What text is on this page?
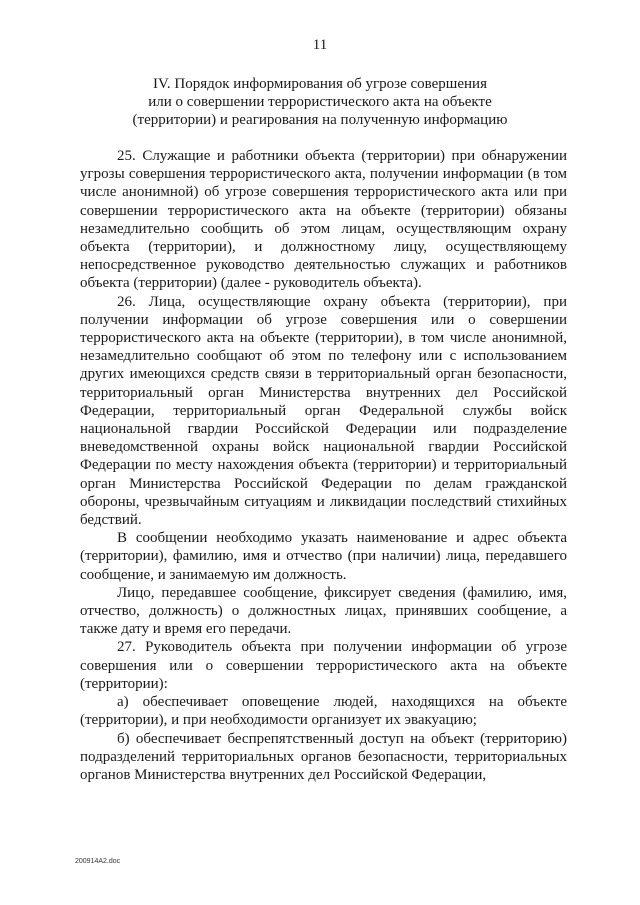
11
IV. Порядок информирования об угрозе совершения
или о совершении террористического акта на объекте
(территории) и реагирования на полученную информацию

25. Служащие и работники объекта (территории) при обнаружении угрозы совершения террористического акта, получении информации (в том числе анонимной) об угрозе совершения террористического акта или при совершении террористического акта на объекте (территории) обязаны незамедлительно сообщить об этом лицам, осуществляющим охрану объекта (территории), и должностному лицу, осуществляющему непосредственное руководство деятельностью служащих и работников объекта (территории) (далее - руководитель объекта).

26. Лица, осуществляющие охрану объекта (территории), при получении информации об угрозе совершения или о совершении террористического акта на объекте (территории), в том числе анонимной, незамедлительно сообщают об этом по телефону или с использованием других имеющихся средств связи в территориальный орган безопасности, территориальный орган Министерства внутренних дел Российской Федерации, территориальный орган Федеральной службы войск национальной гвардии Российской Федерации или подразделение вневедомственной охраны войск национальной гвардии Российской Федерации по месту нахождения объекта (территории) и территориальный орган Министерства Российской Федерации по делам гражданской обороны, чрезвычайным ситуациям и ликвидации последствий стихийных бедствий.

В сообщении необходимо указать наименование и адрес объекта (территории), фамилию, имя и отчество (при наличии) лица, передавшего сообщение, и занимаемую им должность.

Лицо, передавшее сообщение, фиксирует сведения (фамилию, имя, отчество, должность) о должностных лицах, принявших сообщение, а также дату и время его передачи.

27. Руководитель объекта при получении информации об угрозе совершения или о совершении террористического акта на объекте (территории):

а) обеспечивает оповещение людей, находящихся на объекте (территории), и при необходимости организует их эвакуацию;

б) обеспечивает беспрепятственный доступ на объект (территорию) подразделений территориальных органов безопасности, территориальных органов Министерства внутренних дел Российской Федерации,

200914A2.doc
